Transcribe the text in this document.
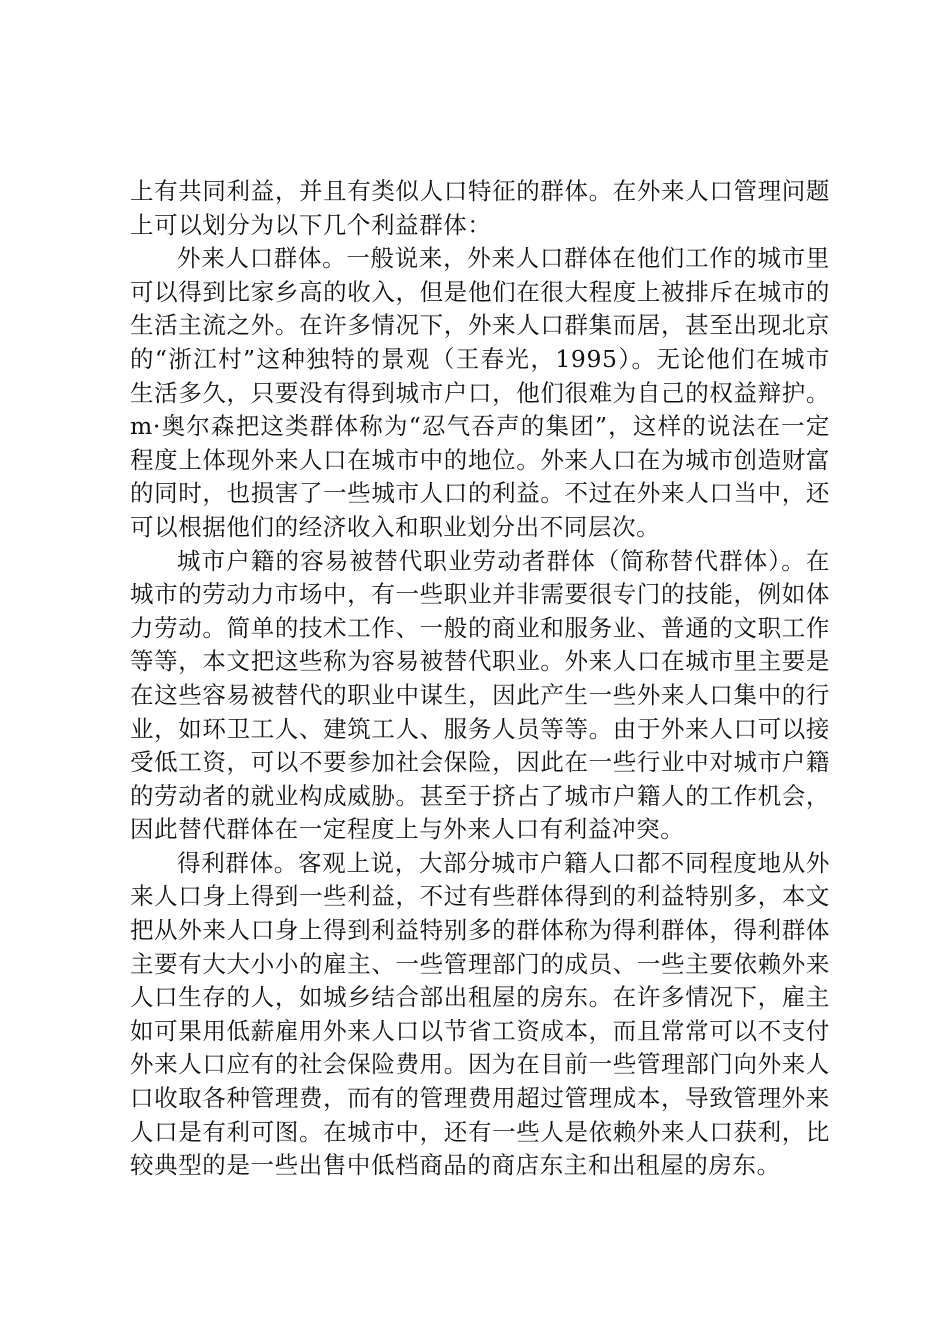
上有共同利益，并且有类似人口特征的群体。在外来人口管理问题上可以划分为以下几个利益群体：

外来人口群体。一般说来，外来人口群体在他们工作的城市里可以得到比家乡高的收入，但是他们在很大程度上被排斥在城市的生活主流之外。在许多情况下，外来人口群集而居，甚至出现北京的“浙江村”这种独特的景观（王春光，1995）。无论他们在城市生活多久，只要没有得到城市户口，他们很难为自己的权益辩护。m·奥尔森把这类群体称为“忍气吞声的集团”，这样的说法在一定程度上体现外来人口在城市中的地位。外来人口在为城市创造财富的同时，也损害了一些城市人口的利益。不过在外来人口当中，还可以根据他们的经济收入和职业划分出不同层次。

城市户籍的容易被替代职业劳动者群体（简称替代群体）。在城市的劳动力市场中，有一些职业并非需要很专门的技能，例如体力劳动。简单的技术工作、一般的商业和服务业、普通的文职工作等等，本文把这些称为容易被替代职业。外来人口在城市里主要是在这些容易被替代的职业中谋生，因此产生一些外来人口集中的行业，如环卫工人、建筑工人、服务人员等等。由于外来人口可以接受低工资，可以不要参加社会保险，因此在一些行业中对城市户籍的劳动者的就业构成威胁。甚至于挤占了城市户籍人的工作机会，因此替代群体在一定程度上与外来人口有利益冲突。

得利群体。客观上说，大部分城市户籍人口都不同程度地从外来人口身上得到一些利益，不过有些群体得到的利益特别多，本文把从外来人口身上得到利益特别多的群体称为得利群体，得利群体主要有大大小小的雇主、一些管理部门的成员、一些主要依赖外来人口生存的人，如城乡结合部出租屋的房东。在许多情况下，雇主如可果用低薪雇用外来人口以节省工资成本，而且常常可以不支付外来人口应有的社会保险费用。因为在目前一些管理部门向外来人口收取各种管理费，而有的管理费用超过管理成本，导致管理外来人口是有利可图。在城市中，还有一些人是依赖外来人口获利，比较典型的是一些出售中低档商品的商店东主和出租屋的房东。
